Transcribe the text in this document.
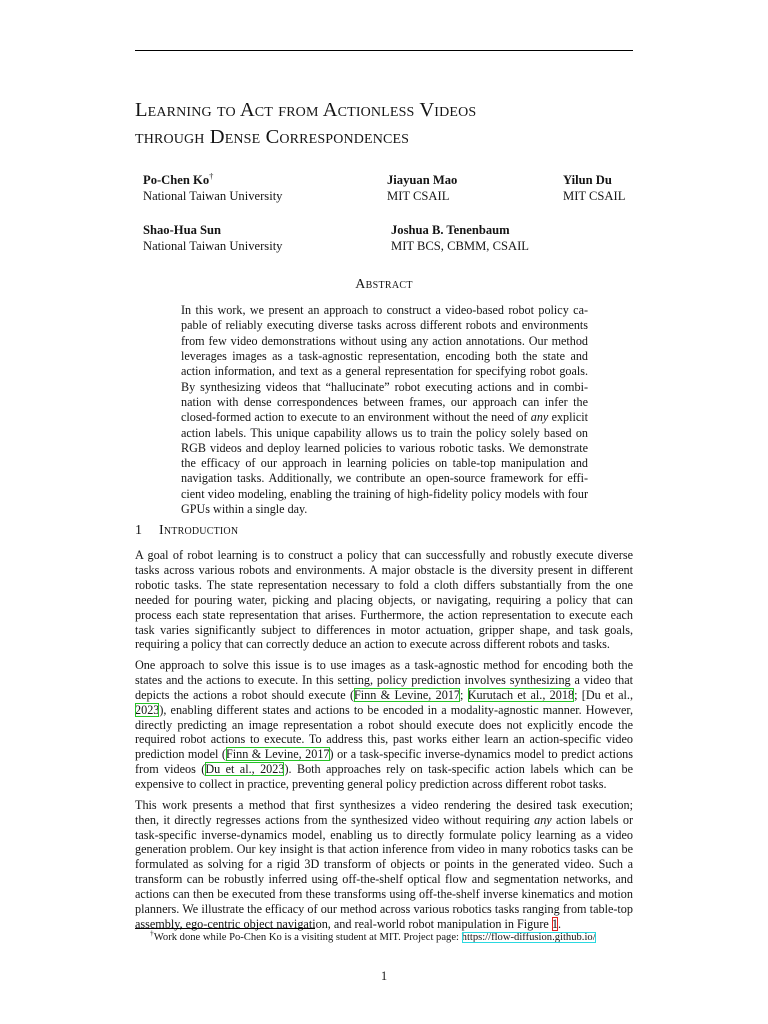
Learning to Act from Actionless Videos
through Dense Correspondences
Po-Chen Ko†
National Taiwan University
Jiayuan Mao
MIT CSAIL
Yilun Du
MIT CSAIL
Shao-Hua Sun
National Taiwan University
Joshua B. Tenenbaum
MIT BCS, CBMM, CSAIL
Abstract
In this work, we present an approach to construct a video-based robot policy ca-
pable of reliably executing diverse tasks across different robots and environments
from few video demonstrations without using any action annotations. Our method
leverages images as a task-agnostic representation, encoding both the state and
action information, and text as a general representation for specifying robot goals.
By synthesizing videos that “hallucinate” robot executing actions and in combi-
nation with dense correspondences between frames, our approach can infer the
closed-formed action to execute to an environment without the need of any explicit
action labels. This unique capability allows us to train the policy solely based on
RGB videos and deploy learned policies to various robotic tasks. We demonstrate
the efficacy of our approach in learning policies on table-top manipulation and
navigation tasks. Additionally, we contribute an open-source framework for effi-
cient video modeling, enabling the training of high-fidelity policy models with four
GPUs within a single day.
1 Introduction

A goal of robot learning is to construct a policy that can successfully and robustly execute diverse
tasks across various robots and environments. A major obstacle is the diversity present in different
robotic tasks. The state representation necessary to fold a cloth differs substantially from the one
needed for pouring water, picking and placing objects, or navigating, requiring a policy that can
process each state representation that arises. Furthermore, the action representation to execute each
task varies significantly subject to differences in motor actuation, gripper shape, and task goals,
requiring a policy that can correctly deduce an action to execute across different robots and tasks.

One approach to solve this issue is to use images as a task-agnostic method for encoding both the
states and the actions to execute. In this setting, policy prediction involves synthesizing a video that
depicts the actions a robot should execute (Finn & Levine, 2017; Kurutach et al., 2018; [Du et al.,
2023), enabling different states and actions to be encoded in a modality-agnostic manner. However,
directly predicting an image representation a robot should execute does not explicitly encode the
required robot actions to execute. To address this, past works either learn an action-specific video
prediction model (Finn & Levine, 2017) or a task-specific inverse-dynamics model to predict actions
from videos (Du et al., 2023). Both approaches rely on task-specific action labels which can be
expensive to collect in practice, preventing general policy prediction across different robot tasks.

This work presents a method that first synthesizes a video rendering the desired task execution;
then, it directly regresses actions from the synthesized video without requiring any action labels or
task-specific inverse-dynamics model, enabling us to directly formulate policy learning as a video
generation problem. Our key insight is that action inference from video in many robotics tasks can be
formulated as solving for a rigid 3D transform of objects or points in the generated video. Such a
transform can be robustly inferred using off-the-shelf optical flow and segmentation networks, and
actions can then be executed from these transforms using off-the-shelf inverse kinematics and motion
planners. We illustrate the efficacy of our method across various robotics tasks ranging from table-top
assembly, ego-centric object navigation, and real-world robot manipulation in Figure 1.

†Work done while Po-Chen Ko is a visiting student at MIT. Project page: https://flow-diffusion.github.io/
1
